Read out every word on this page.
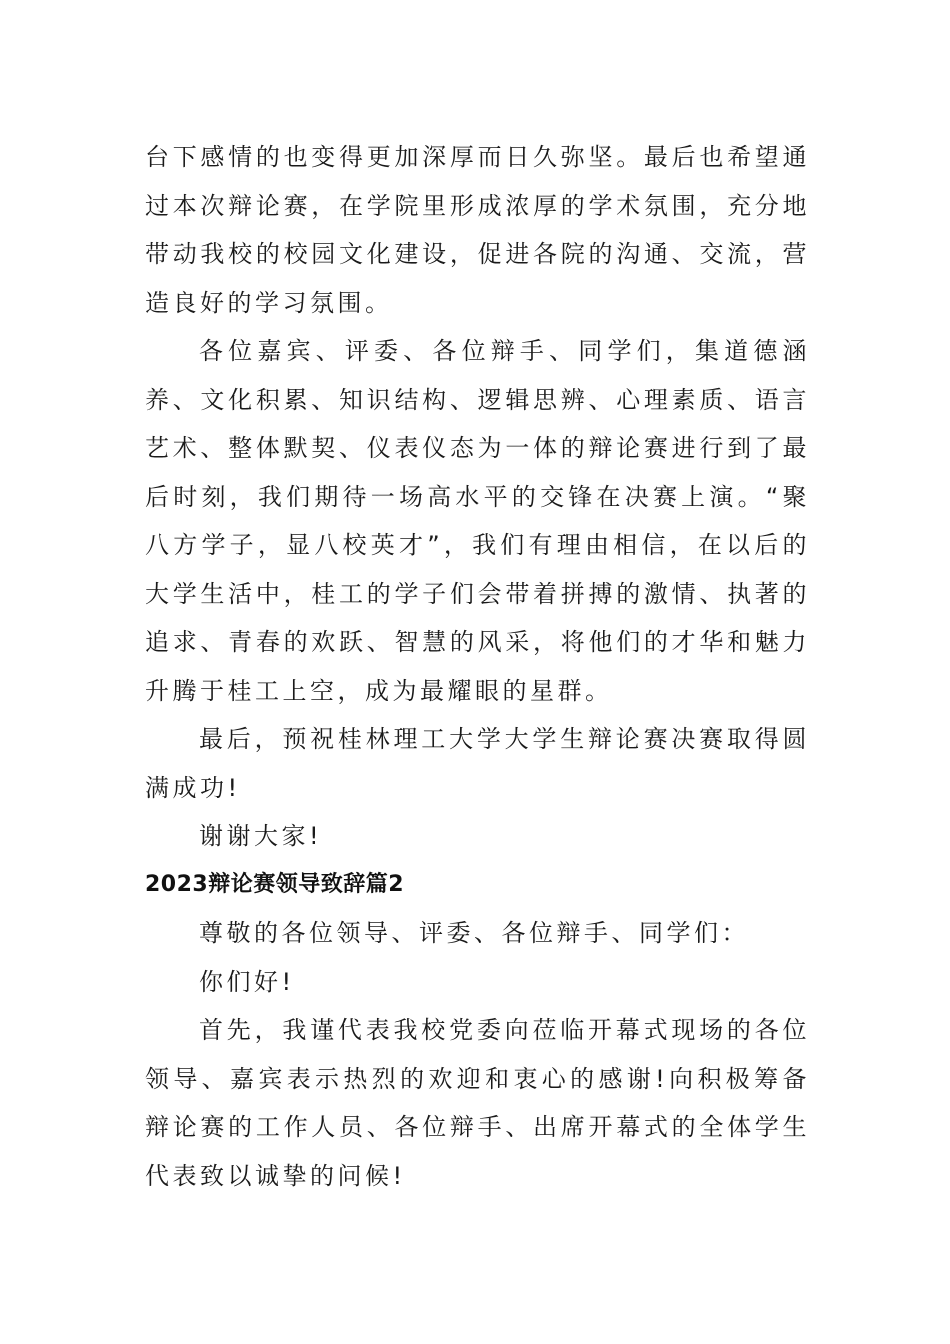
台下感情的也变得更加深厚而日久弥坚。最后也希望通过本次辩论赛，在学院里形成浓厚的学术氛围，充分地带动我校的校园文化建设，促进各院的沟通、交流，营造良好的学习氛围。

各位嘉宾、评委、各位辩手、同学们，集道德涵养、文化积累、知识结构、逻辑思辨、心理素质、语言艺术、整体默契、仪表仪态为一体的辩论赛进行到了最后时刻，我们期待一场高水平的交锋在决赛上演。“聚八方学子，显八校英才”，我们有理由相信，在以后的大学生活中，桂工的学子们会带着拼搏的激情、执著的追求、青春的欢跃、智慧的风采，将他们的才华和魅力升腾于桂工上空，成为最耀眼的星群。

最后，预祝桂林理工大学大学生辩论赛决赛取得圆满成功!

谢谢大家!

2023辩论赛领导致辞篇2

尊敬的各位领导、评委、各位辩手、同学们：

你们好!

首先，我谨代表我校党委向莅临开幕式现场的各位领导、嘉宾表示热烈的欢迎和衷心的感谢!向积极筹备辩论赛的工作人员、各位辩手、出席开幕式的全体学生代表致以诚挚的问候!
